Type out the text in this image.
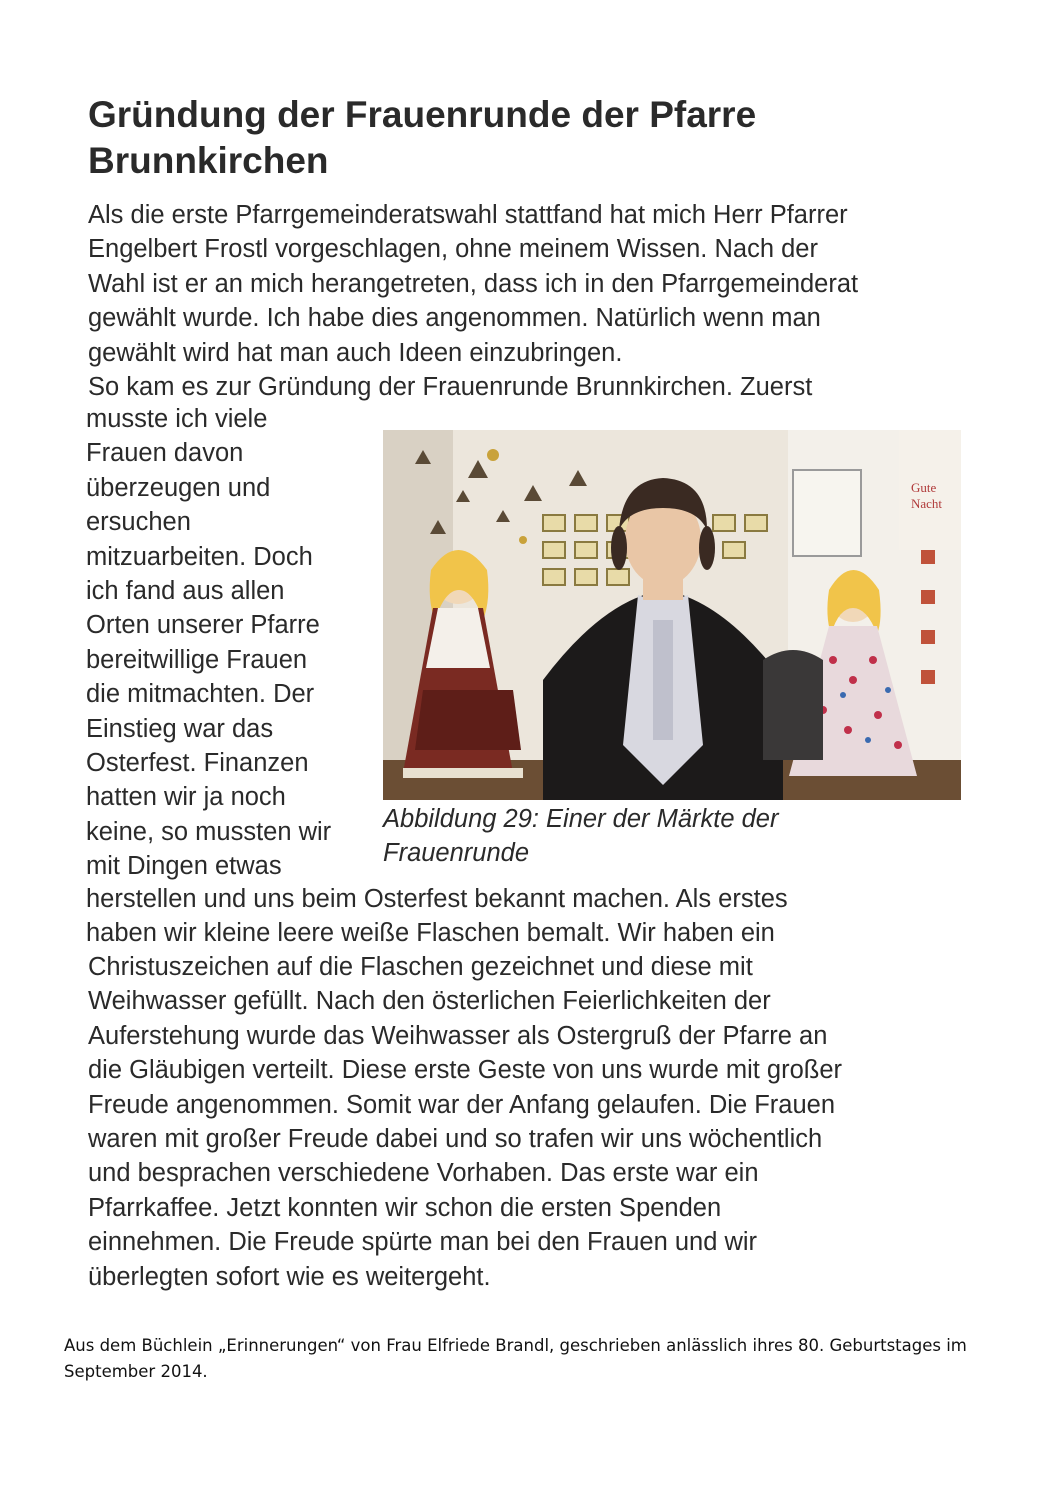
Gründung der Frauenrunde der Pfarre
Brunnkirchen
Als die erste Pfarrgemeinderatswahl stattfand hat mich Herr Pfarrer
Engelbert Frostl vorgeschlagen, ohne meinem Wissen. Nach der
Wahl ist er an mich herangetreten, dass ich in den Pfarrgemeinderat
gewählt wurde. Ich habe dies angenommen. Natürlich wenn man
gewählt wird hat man auch Ideen einzubringen.
So kam es zur Gründung der Frauenrunde Brunnkirchen. Zuerst
musste ich viele
Frauen davon
überzeugen und
ersuchen
mitzuarbeiten. Doch
ich fand aus allen
Orten unserer Pfarre
bereitwillige Frauen
die mitmachten. Der
Einstieg war das
Osterfest. Finanzen
hatten wir ja noch
keine, so mussten wir
mit Dingen etwas
Gute
Nacht
Abbildung 29: Einer der Märkte der
Frauenrunde
herstellen und uns beim Osterfest bekannt machen. Als erstes
haben wir kleine leere weiße Flaschen bemalt. Wir haben ein
Christuszeichen auf die Flaschen gezeichnet und diese mit
Weihwasser gefüllt. Nach den österlichen Feierlichkeiten der
Auferstehung wurde das Weihwasser als Ostergruß der Pfarre an
die Gläubigen verteilt. Diese erste Geste von uns wurde mit großer
Freude angenommen. Somit war der Anfang gelaufen. Die Frauen
waren mit großer Freude dabei und so trafen wir uns wöchentlich
und besprachen verschiedene Vorhaben. Das erste war ein
Pfarrkaffee. Jetzt konnten wir schon die ersten Spenden
einnehmen. Die Freude spürte man bei den Frauen und wir
überlegten sofort wie es weitergeht.
Aus dem Büchlein „Erinnerungen“ von Frau Elfriede Brandl, geschrieben anlässlich ihres 80. Geburtstages im
September 2014.
